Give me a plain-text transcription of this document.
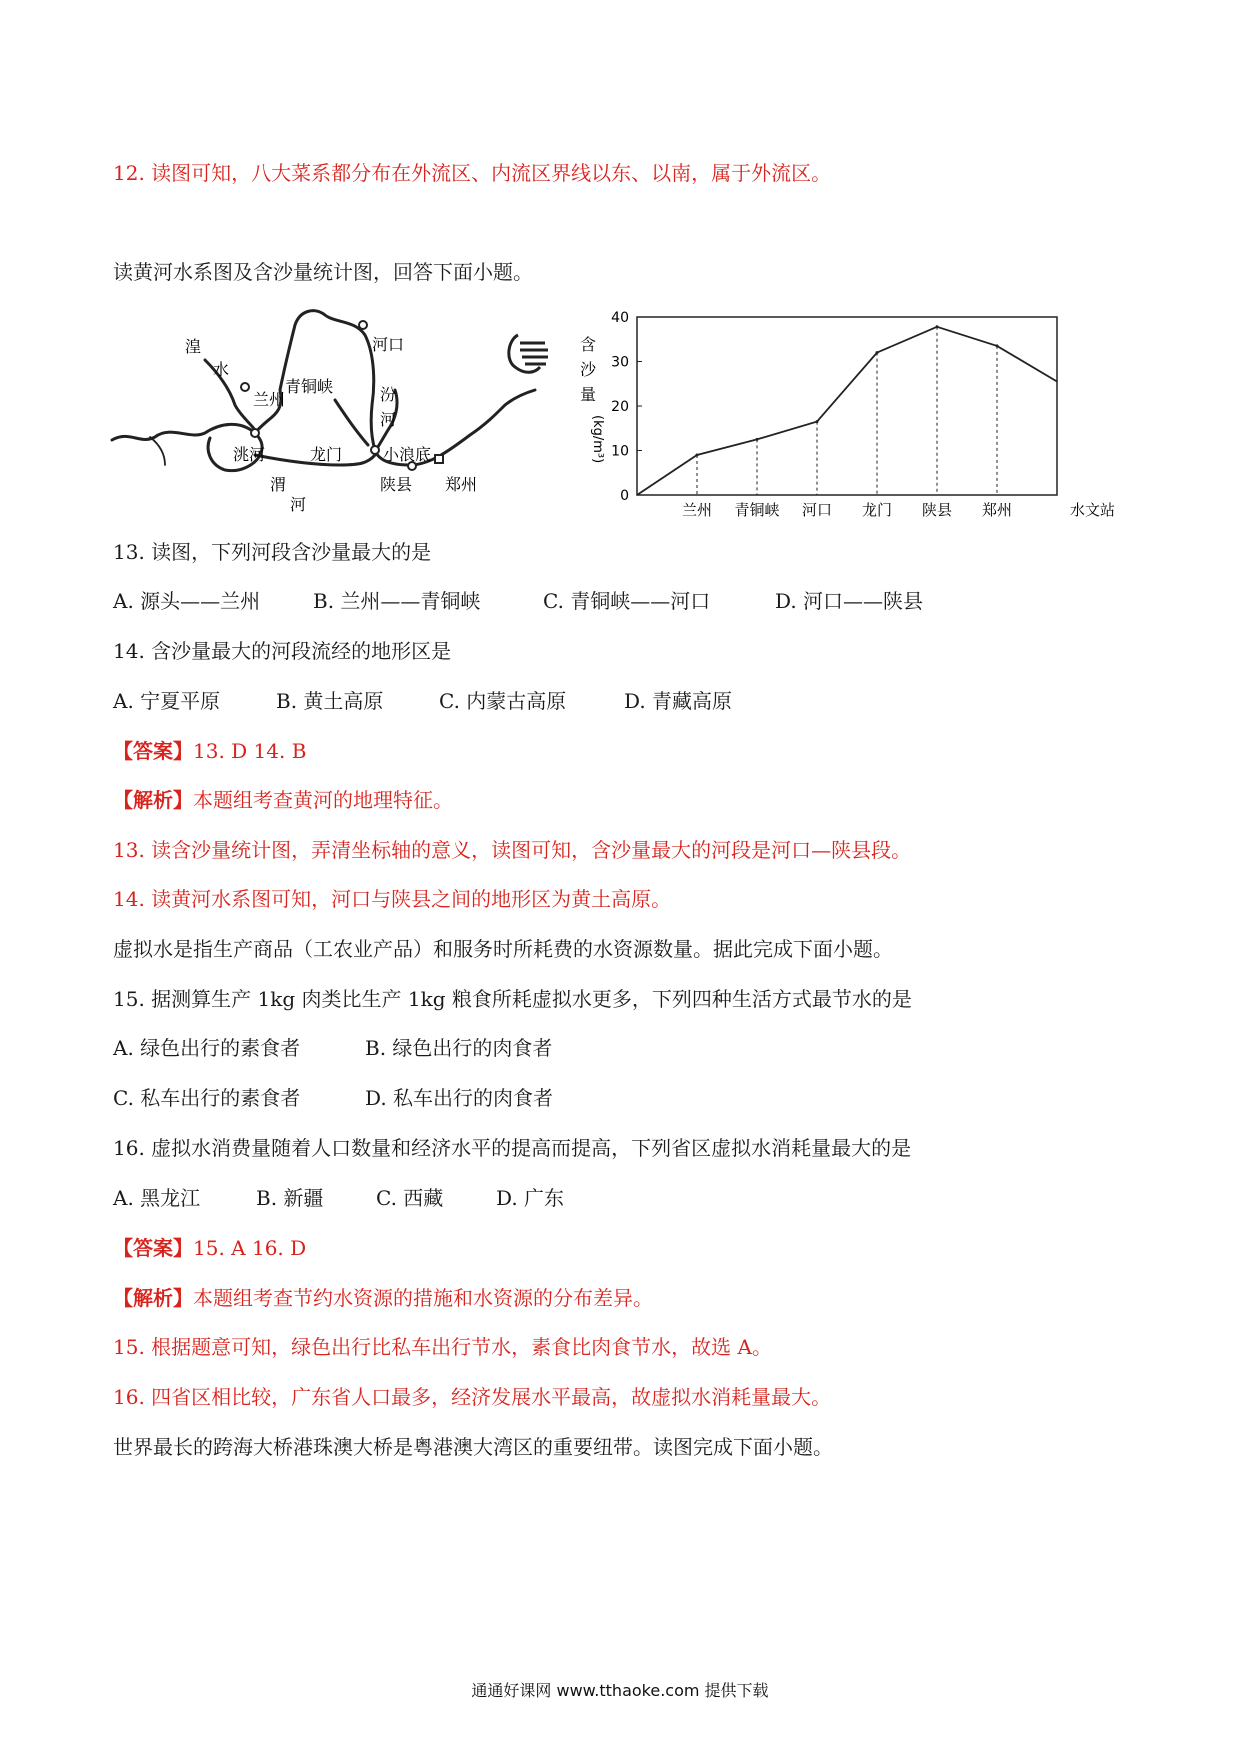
12. 读图可知，八大菜系都分布在外流区、内流区界线以东、以南，属于外流区。
读黄河水系图及含沙量统计图，回答下面小题。
湟
水
兰州
青铜峡
河口
汾
河
龙门	小浪底
洮河
渭
河
陕县 郑州
含
沙
量
(kg/m³)
0
10
20
30
40
兰州 青铜峡 河口 龙门 陕县 郑州	水文站
13. 读图，下列河段含沙量最大的是
A. 源头——兰州	B. 兰州——青铜峡	C. 青铜峡——河口	D. 河口——陕县
14. 含沙量最大的河段流经的地形区是
A. 宁夏平原	B. 黄土高原	C. 内蒙古高原	D. 青藏高原
【答案】13. D 14. B
【解析】本题组考查黄河的地理特征。
13. 读含沙量统计图，弄清坐标轴的意义，读图可知，含沙量最大的河段是河口—陕县段。
14. 读黄河水系图可知，河口与陕县之间的地形区为黄土高原。
虚拟水是指生产商品（工农业产品）和服务时所耗费的水资源数量。据此完成下面小题。
15. 据测算生产 1kg 肉类比生产 1kg 粮食所耗虚拟水更多，下列四种生活方式最节水的是
A. 绿色出行的素食者	B. 绿色出行的肉食者
C. 私车出行的素食者	D. 私车出行的肉食者
16. 虚拟水消费量随着人口数量和经济水平的提高而提高，下列省区虚拟水消耗量最大的是
A. 黑龙江	B. 新疆	C. 西藏	D. 广东
【答案】15. A 16. D
【解析】本题组考查节约水资源的措施和水资源的分布差异。
15. 根据题意可知，绿色出行比私车出行节水，素食比肉食节水，故选 A。
16. 四省区相比较，广东省人口最多，经济发展水平最高，故虚拟水消耗量最大。
世界最长的跨海大桥港珠澳大桥是粤港澳大湾区的重要纽带。读图完成下面小题。
通通好课网 www.tthaoke.com 提供下载
